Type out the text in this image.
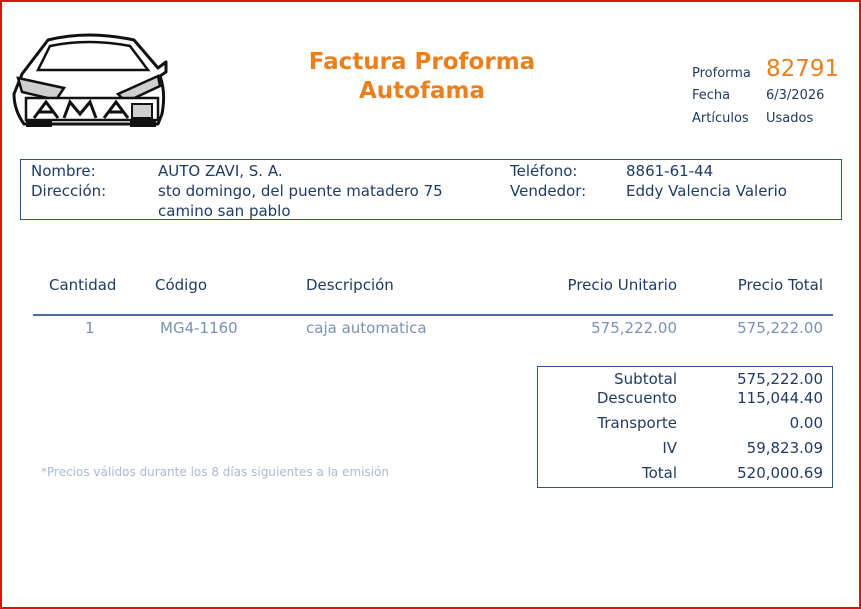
Factura Proforma
Autofama
Proforma 82791
Fecha	6/3/2026
Artículos Usados
Nombre:	AUTO ZAVI, S. A.
Dirección:	sto domingo, del puente matadero 75
camino san pablo
Teléfono:	8861-61-44
Vendedor:	Eddy Valencia Valerio
Cantidad	Código	Descripción	Precio Unitario	Precio Total
1	MG4-1160	caja automatica	575,222.00	575,222.00
Subtotal	575,222.00
Descuento	115,044.40
Transporte	0.00
IV	59,823.09
Total	520,000.69
*Precios válidos durante los 8 días siguientes a la emisión
